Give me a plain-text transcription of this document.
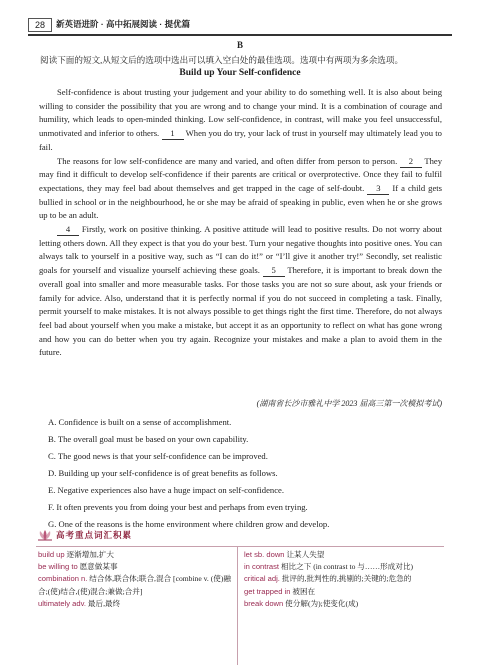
28	新英语进阶 · 高中拓展阅读 · 提优篇
B
阅读下面的短文,从短文后的选项中选出可以填入空白处的最佳选项。选项中有两项为多余选项。
Build up Your Self-confidence

Self-confidence is about trusting your judgement and your ability to do something well. It is also about being willing to consider the possibility that you are wrong and to change your mind. It is a combination of courage and humility, which leads to open-minded thinking. Low self-confidence, in contrast, will make you feel unsuccessful, unmotivated and inferior to others. 1 When you do try, your lack of trust in yourself may ultimately lead you to fail.

The reasons for low self-confidence are many and varied, and often differ from person to person. 2 They may find it difficult to develop self-confidence if their parents are critical or overprotective. Once they fail to fulfil expectations, they may feel bad about themselves and get trapped in the cage of self-doubt. 3 If a child gets bullied in school or in the neighbourhood, he or she may be afraid of speaking in public, even when he or she grows up to be an adult.

4 Firstly, work on positive thinking. A positive attitude will lead to positive results. Do not worry about letting others down. All they expect is that you do your best. Turn your negative thoughts into positive ones. You can always talk to yourself in a positive way, such as “I can do it!” or “I’ll give it another try!” Secondly, set realistic goals for yourself and visualize yourself achieving these goals. 5 Therefore, it is important to break down the overall goal into smaller and more measurable tasks. For those tasks you are not so sure about, ask your friends or family for advice. Also, understand that it is perfectly normal if you do not succeed in completing a task. Finally, permit yourself to make mistakes. It is not always possible to get things right the first time. Therefore, do not always feel bad about yourself when you make a mistake, but accept it as an opportunity to reflect on what has gone wrong and how you can do better when you try again. Recognize your mistakes and make a plan to avoid them in the future.

(湖南省长沙市雅礼中学 2023 届高三第一次模拟考试)
A. Confidence is built on a sense of accomplishment.
B. The overall goal must be based on your own capability.
C. The good news is that your self-confidence can be improved.
D. Building up your self-confidence is of great benefits as follows.
E. Negative experiences also have a huge impact on self-confidence.
F. It often prevents you from doing your best and perhaps from even trying.
G. One of the reasons is the home environment where children grow and develop.
高考重点词汇积累
build up 逐渐增加,扩大
be willing to 愿意做某事
combination n. 结合体,联合体;联合,混合 [combine v. (使)融合;(使)结合,(使)混合;兼做;合并]
ultimately adv. 最后,最终
let sb. down 让某人失望
in contrast 相比之下 (in contrast to 与……形成对比)
critical adj. 批评的,批判性的,挑剔的;关键的;危急的
get trapped in 被困在
break down 使分解(为);使变化(成)
